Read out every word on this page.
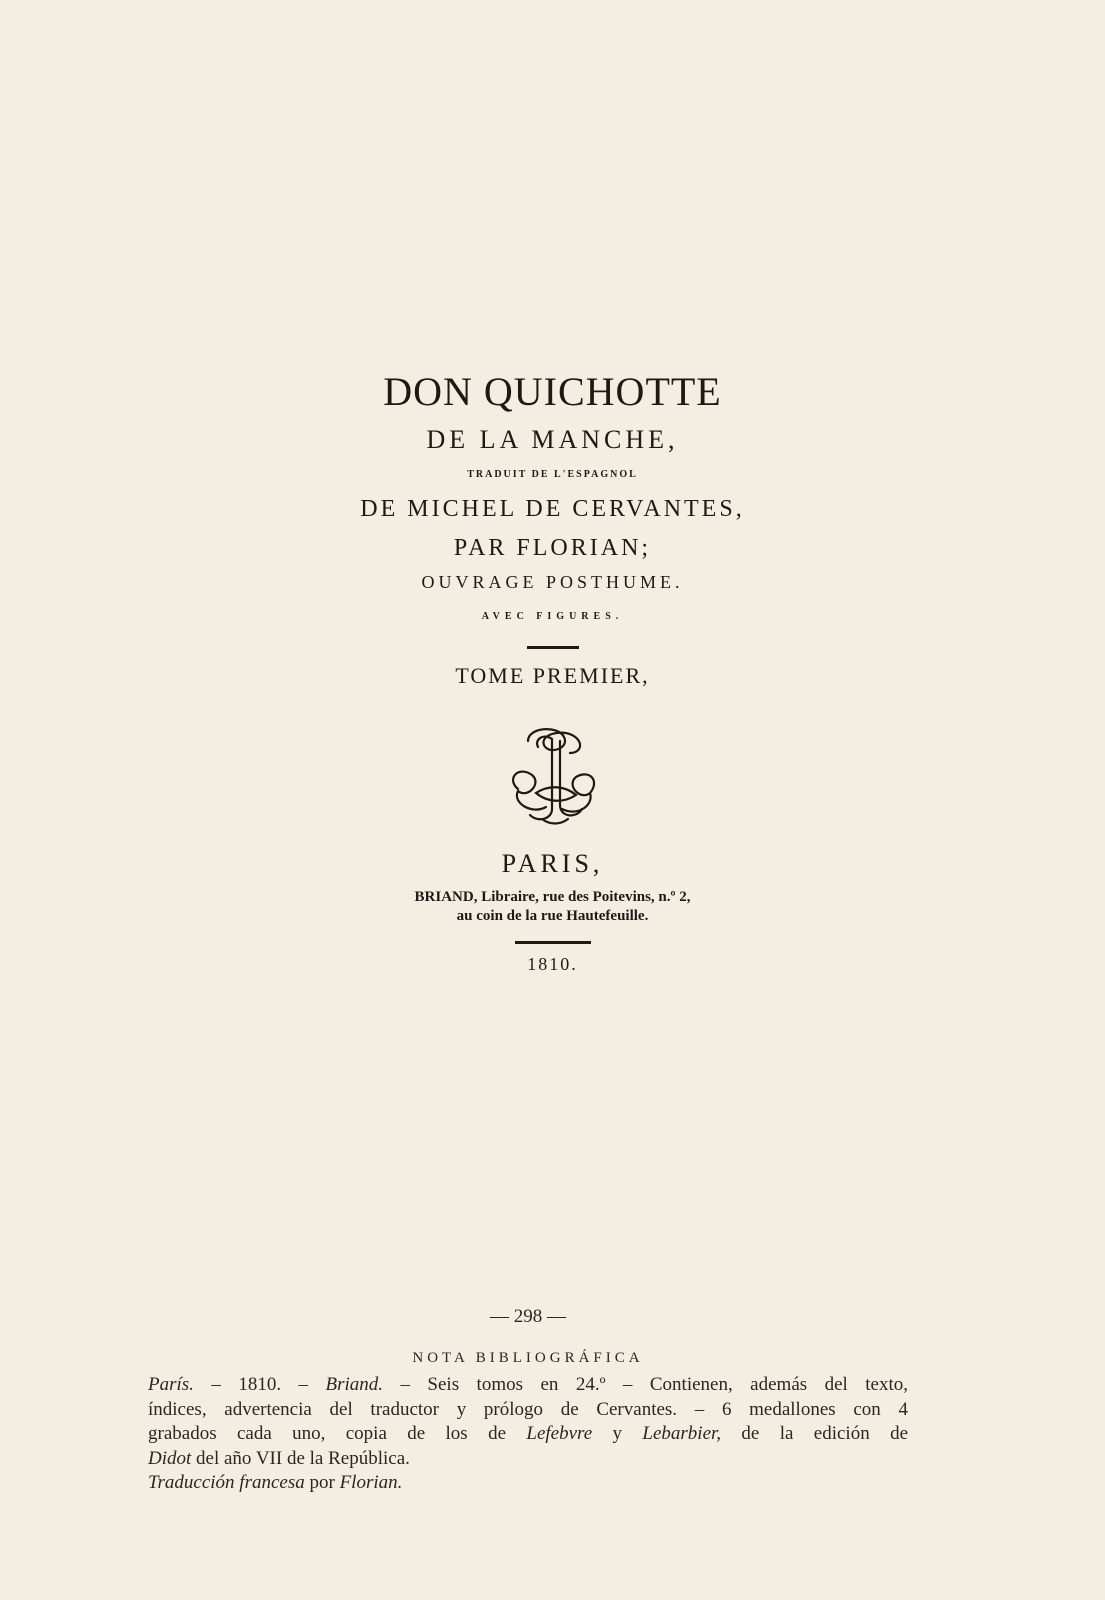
DON QUICHOTTE
DE LA MANCHE,
TRADUIT DE L'ESPAGNOL
DE MICHEL DE CERVANTES,
PAR FLORIAN;
OUVRAGE POSTHUME.
AVEC FIGURES.
TOME PREMIER,
PARIS,
BRIAND, Libraire, rue des Poitevins, n.º 2,
au coin de la rue Hautefeuille.
1810.
— 298 —
NOTA BIBLIOGRÁFICA
París. – 1810. – Briand. – Seis tomos en 24.º – Contienen, además del texto,
índices, advertencia del traductor y prólogo de Cervantes. – 6 medallones con 4
grabados cada uno, copia de los de Lefebvre y Lebarbier, de la edición de
Didot del año VII de la República.
Traducción francesa por Florian.
